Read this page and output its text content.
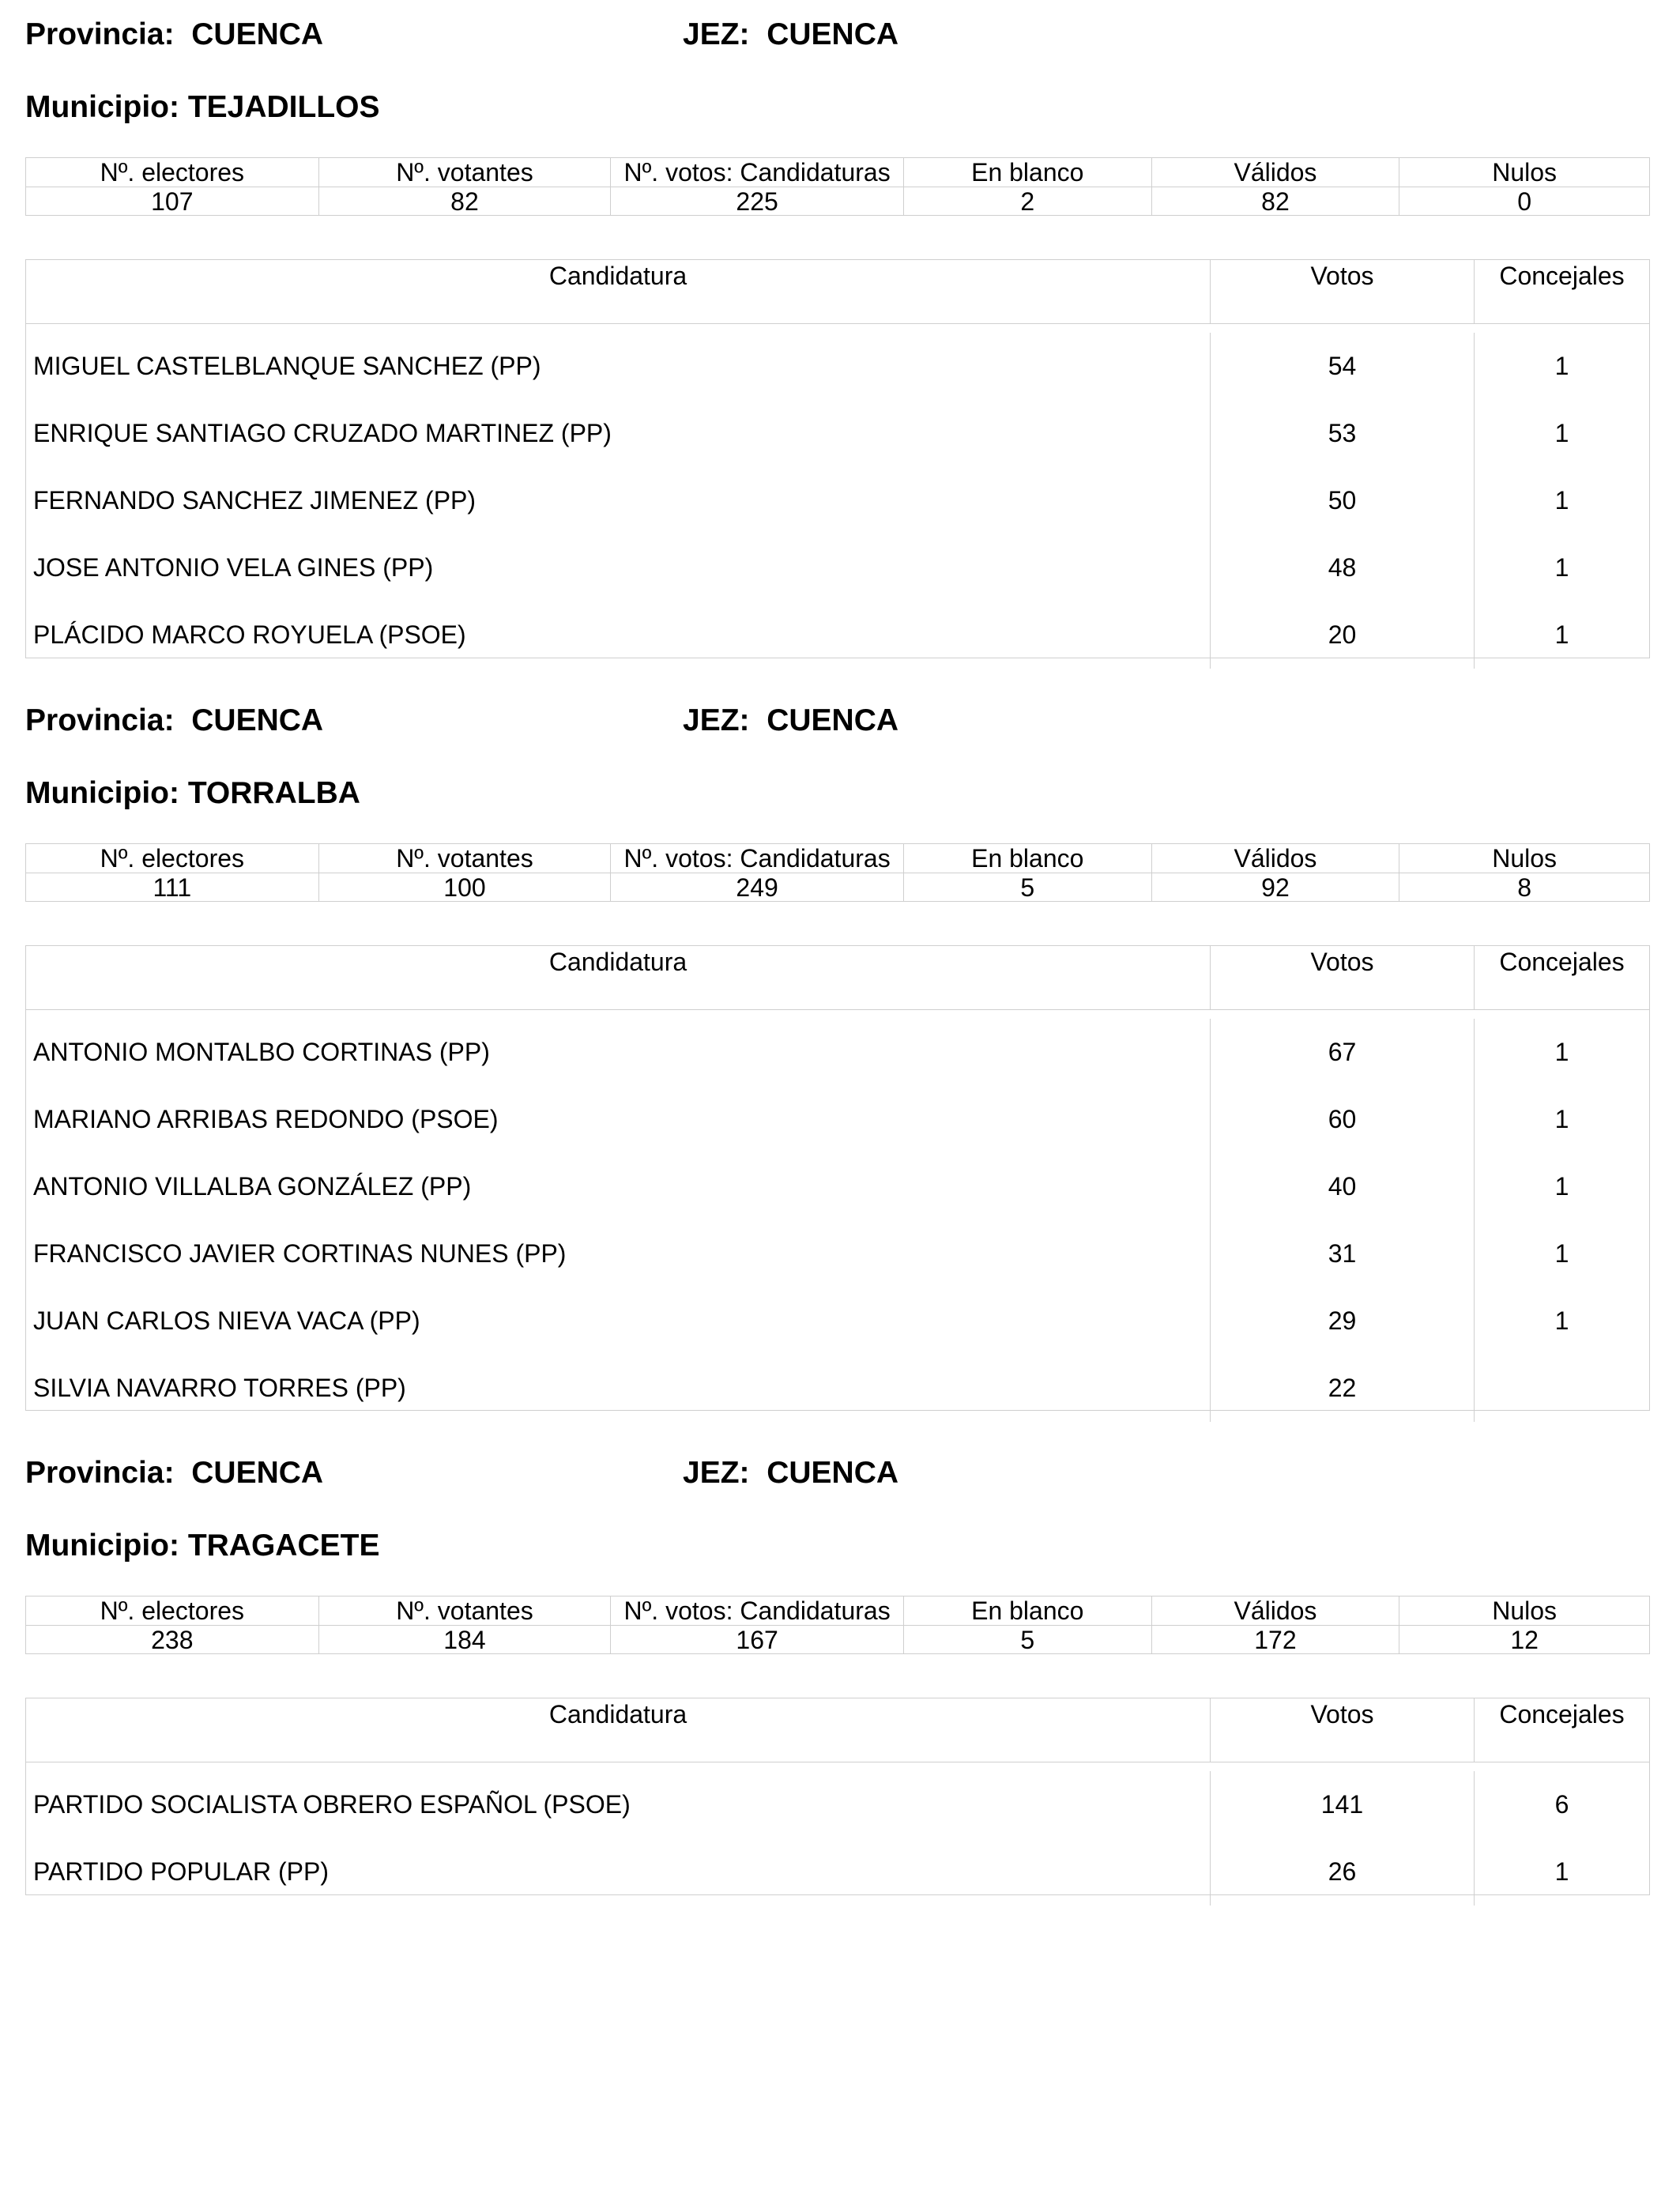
Provincia: CUENCA	JEZ: CUENCA
Municipio: TEJADILLOS
Nº. electores	Nº. votantes	Nº. votos: Candidaturas	En blanco	Válidos	Nulos
107	82	225	2	82	0
Candidatura	Votos	Concejales
MIGUEL CASTELBLANQUE SANCHEZ (PP)	54	1
ENRIQUE SANTIAGO CRUZADO MARTINEZ (PP)	53	1
FERNANDO SANCHEZ JIMENEZ (PP)	50	1
JOSE ANTONIO VELA GINES (PP)	48	1
PLÁCIDO MARCO ROYUELA (PSOE)	20	1
Provincia: CUENCA	JEZ: CUENCA
Municipio: TORRALBA
Nº. electores	Nº. votantes	Nº. votos: Candidaturas	En blanco	Válidos	Nulos
111	100	249	5	92	8
Candidatura	Votos	Concejales
ANTONIO MONTALBO CORTINAS (PP)	67	1
MARIANO ARRIBAS REDONDO (PSOE)	60	1
ANTONIO VILLALBA GONZÁLEZ (PP)	40	1
FRANCISCO JAVIER CORTINAS NUNES (PP)	31	1
JUAN CARLOS NIEVA VACA (PP)	29	1
SILVIA NAVARRO TORRES (PP)	22
Provincia: CUENCA	JEZ: CUENCA
Municipio: TRAGACETE
Nº. electores	Nº. votantes	Nº. votos: Candidaturas	En blanco	Válidos	Nulos
238	184	167	5	172	12
Candidatura	Votos	Concejales
PARTIDO SOCIALISTA OBRERO ESPAÑOL (PSOE)	141	6
PARTIDO POPULAR (PP)	26	1
